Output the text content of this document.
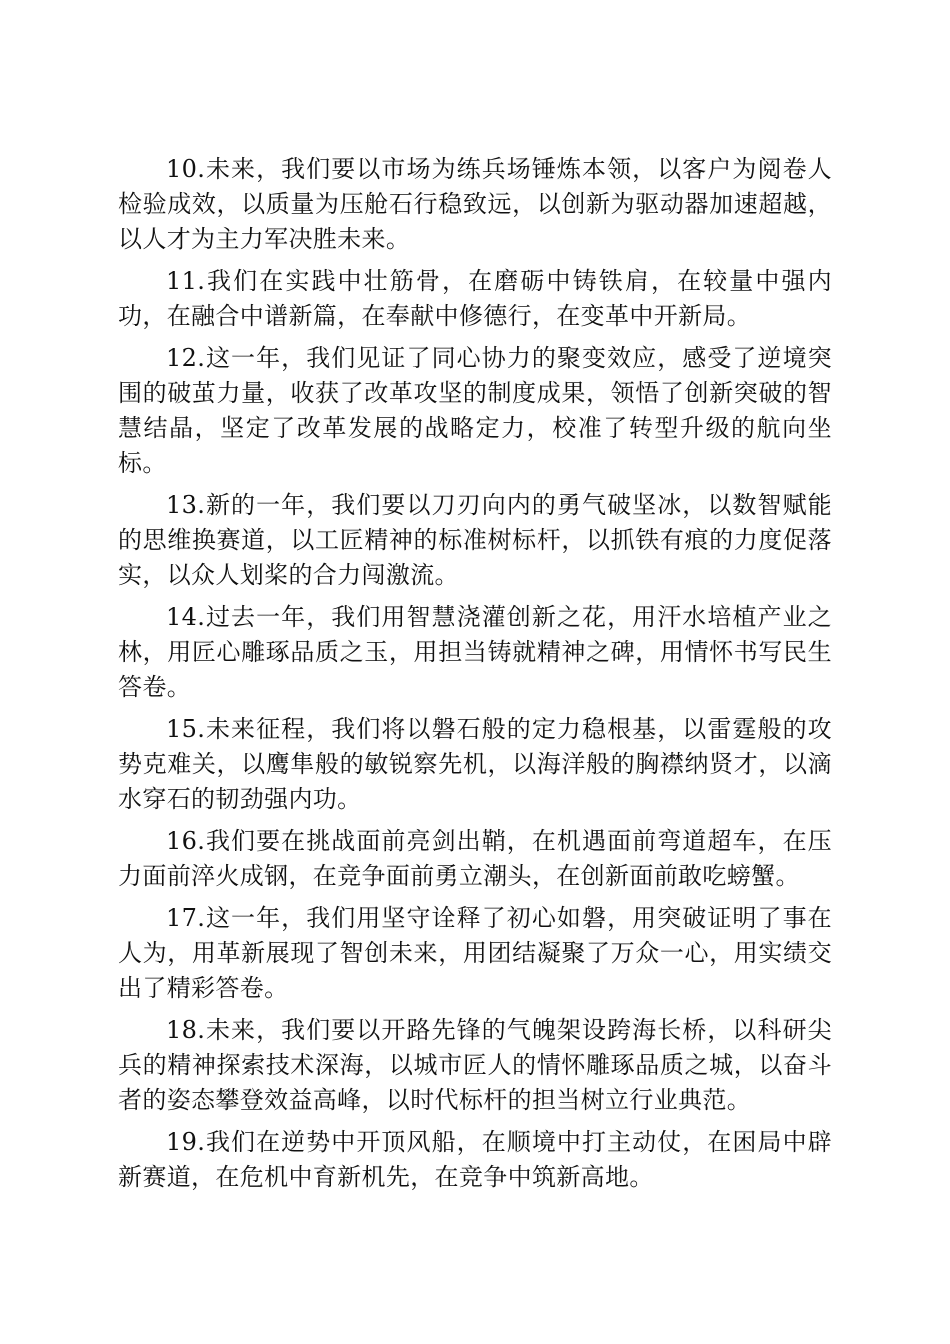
10.未来，我们要以市场为练兵场锤炼本领，以客户为阅卷人检验成效，以质量为压舱石行稳致远，以创新为驱动器加速超越，以人才为主力军决胜未来。

11.我们在实践中壮筋骨，在磨砺中铸铁肩，在较量中强内功，在融合中谱新篇，在奉献中修德行，在变革中开新局。

12.这一年，我们见证了同心协力的聚变效应，感受了逆境突围的破茧力量，收获了改革攻坚的制度成果，领悟了创新突破的智慧结晶，坚定了改革发展的战略定力，校准了转型升级的航向坐标。

13.新的一年，我们要以刀刃向内的勇气破坚冰，以数智赋能的思维换赛道，以工匠精神的标准树标杆，以抓铁有痕的力度促落实，以众人划桨的合力闯激流。

14.过去一年，我们用智慧浇灌创新之花，用汗水培植产业之林，用匠心雕琢品质之玉，用担当铸就精神之碑，用情怀书写民生答卷。

15.未来征程，我们将以磐石般的定力稳根基，以雷霆般的攻势克难关，以鹰隼般的敏锐察先机，以海洋般的胸襟纳贤才，以滴水穿石的韧劲强内功。

16.我们要在挑战面前亮剑出鞘，在机遇面前弯道超车，在压力面前淬火成钢，在竞争面前勇立潮头，在创新面前敢吃螃蟹。

17.这一年，我们用坚守诠释了初心如磐，用突破证明了事在人为，用革新展现了智创未来，用团结凝聚了万众一心，用实绩交出了精彩答卷。

18.未来，我们要以开路先锋的气魄架设跨海长桥，以科研尖兵的精神探索技术深海，以城市匠人的情怀雕琢品质之城，以奋斗者的姿态攀登效益高峰，以时代标杆的担当树立行业典范。

19.我们在逆势中开顶风船，在顺境中打主动仗，在困局中辟新赛道，在危机中育新机先，在竞争中筑新高地。
